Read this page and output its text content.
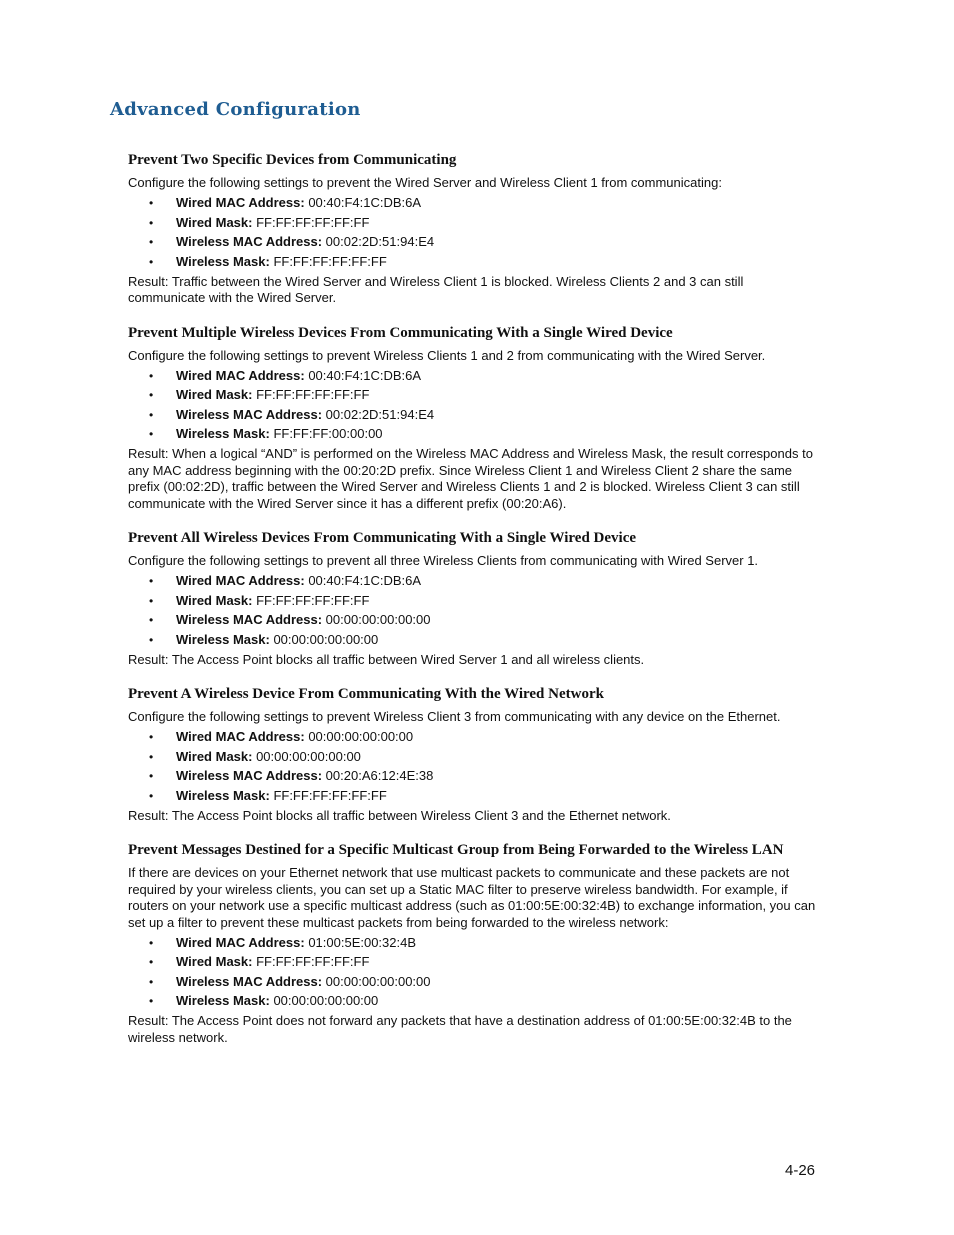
Advanced Configuration
Prevent Two Specific Devices from Communicating

Configure the following settings to prevent the Wired Server and Wireless Client 1 from communicating:

• Wired MAC Address: 00:40:F4:1C:DB:6A
• Wired Mask: FF:FF:FF:FF:FF:FF
• Wireless MAC Address: 00:02:2D:51:94:E4
• Wireless Mask: FF:FF:FF:FF:FF:FF

Result: Traffic between the Wired Server and Wireless Client 1 is blocked. Wireless Clients 2 and 3 can still communicate with the Wired Server.

Prevent Multiple Wireless Devices From Communicating With a Single Wired Device

Configure the following settings to prevent Wireless Clients 1 and 2 from communicating with the Wired Server.

• Wired MAC Address: 00:40:F4:1C:DB:6A
• Wired Mask: FF:FF:FF:FF:FF:FF
• Wireless MAC Address: 00:02:2D:51:94:E4
• Wireless Mask: FF:FF:FF:00:00:00

Result: When a logical “AND” is performed on the Wireless MAC Address and Wireless Mask, the result corresponds to any MAC address beginning with the 00:20:2D prefix. Since Wireless Client 1 and Wireless Client 2 share the same prefix (00:02:2D), traffic between the Wired Server and Wireless Clients 1 and 2 is blocked. Wireless Client 3 can still communicate with the Wired Server since it has a different prefix (00:20:A6).

Prevent All Wireless Devices From Communicating With a Single Wired Device

Configure the following settings to prevent all three Wireless Clients from communicating with Wired Server 1.

• Wired MAC Address: 00:40:F4:1C:DB:6A
• Wired Mask: FF:FF:FF:FF:FF:FF
• Wireless MAC Address: 00:00:00:00:00:00
• Wireless Mask: 00:00:00:00:00:00

Result: The Access Point blocks all traffic between Wired Server 1 and all wireless clients.

Prevent A Wireless Device From Communicating With the Wired Network

Configure the following settings to prevent Wireless Client 3 from communicating with any device on the Ethernet.

• Wired MAC Address: 00:00:00:00:00:00
• Wired Mask: 00:00:00:00:00:00
• Wireless MAC Address: 00:20:A6:12:4E:38
• Wireless Mask: FF:FF:FF:FF:FF:FF

Result: The Access Point blocks all traffic between Wireless Client 3 and the Ethernet network.

Prevent Messages Destined for a Specific Multicast Group from Being Forwarded to the Wireless LAN

If there are devices on your Ethernet network that use multicast packets to communicate and these packets are not required by your wireless clients, you can set up a Static MAC filter to preserve wireless bandwidth. For example, if routers on your network use a specific multicast address (such as 01:00:5E:00:32:4B) to exchange information, you can set up a filter to prevent these multicast packets from being forwarded to the wireless network:

• Wired MAC Address: 01:00:5E:00:32:4B
• Wired Mask: FF:FF:FF:FF:FF:FF
• Wireless MAC Address: 00:00:00:00:00:00
• Wireless Mask: 00:00:00:00:00:00

Result: The Access Point does not forward any packets that have a destination address of 01:00:5E:00:32:4B to the wireless network.

4-26
